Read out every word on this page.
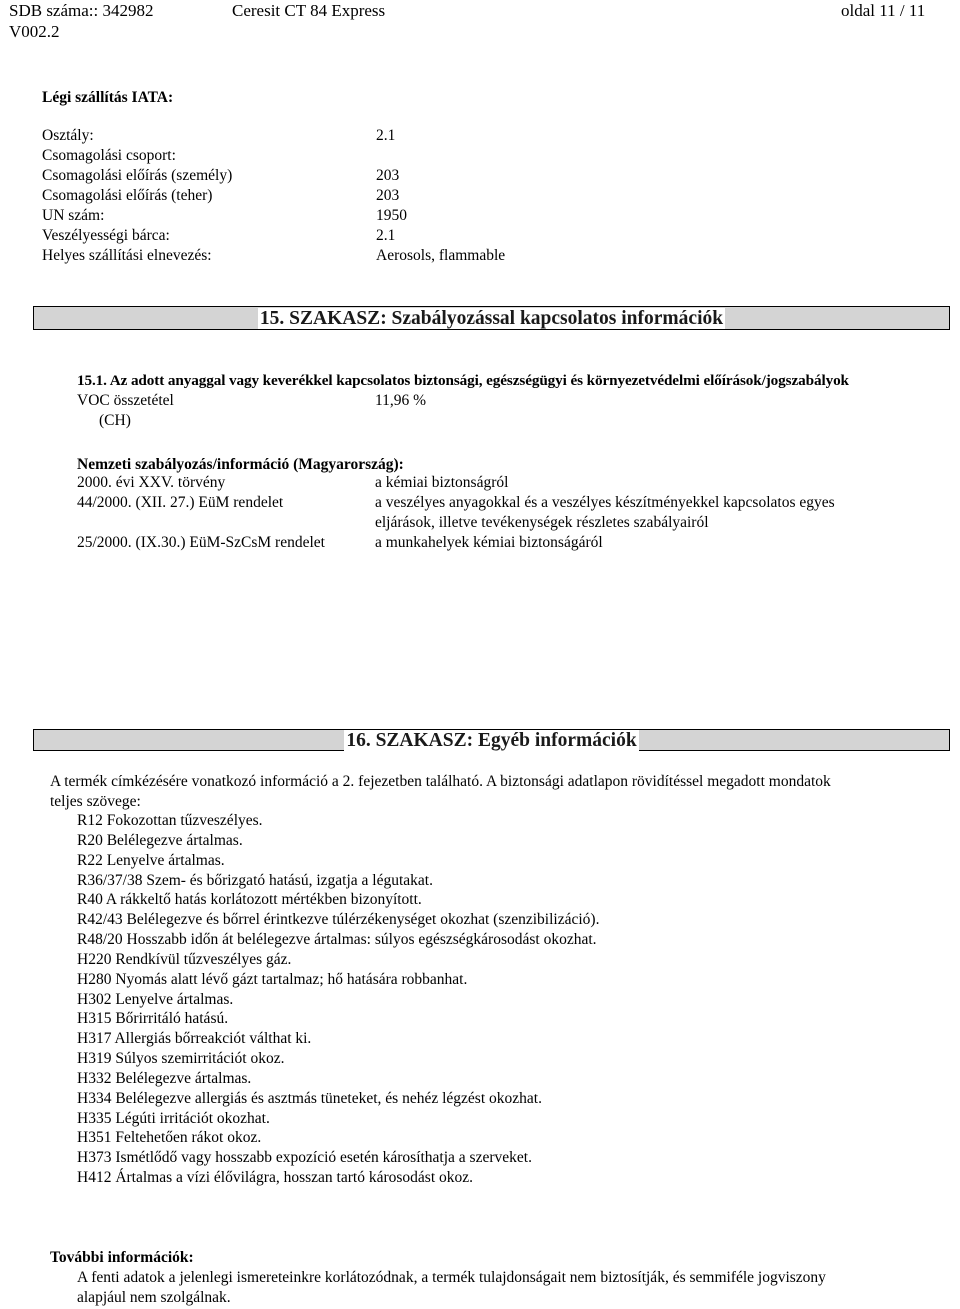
SDB száma:: 342982
V002.2
Ceresit CT 84 Express	oldal 11 / 11
Légi szállítás IATA:
Osztály:	2.1
Csomagolási csoport:
Csomagolási előírás (személy)	203
Csomagolási előírás (teher)	203
UN szám:	1950
Veszélyességi bárca:	2.1
Helyes szállítási elnevezés:	Aerosols, flammable
15. SZAKASZ: Szabályozással kapcsolatos információk
15.1. Az adott anyaggal vagy keverékkel kapcsolatos biztonsági, egészségügyi és környezetvédelmi előírások/jogszabályok
VOC összetétel	11,96 %
(CH)
Nemzeti szabályozás/információ (Magyarország):
2000. évi XXV. törvény	a kémiai biztonságról
44/2000. (XII. 27.) EüM rendelet	a veszélyes anyagokkal és a veszélyes készítményekkel kapcsolatos egyes
eljárások, illetve tevékenységek részletes szabályairól
25/2000. (IX.30.) EüM-SzCsM rendelet	a munkahelyek kémiai biztonságáról
16. SZAKASZ: Egyéb információk
A termék címkézésére vonatkozó információ a 2. fejezetben található. A biztonsági adatlapon rövidítéssel megadott mondatok
teljes szövege:
R12 Fokozottan tűzveszélyes.
R20 Belélegezve ártalmas.
R22 Lenyelve ártalmas.
R36/37/38 Szem- és bőrizgató hatású, izgatja a légutakat.
R40 A rákkeltő hatás korlátozott mértékben bizonyított.
R42/43 Belélegezve és bőrrel érintkezve túlérzékenységet okozhat (szenzibilizáció).
R48/20 Hosszabb időn át belélegezve ártalmas: súlyos egészségkárosodást okozhat.
H220 Rendkívül tűzveszélyes gáz.
H280 Nyomás alatt lévő gázt tartalmaz; hő hatására robbanhat.
H302 Lenyelve ártalmas.
H315 Bőrirritáló hatású.
H317 Allergiás bőrreakciót válthat ki.
H319 Súlyos szemirritációt okoz.
H332 Belélegezve ártalmas.
H334 Belélegezve allergiás és asztmás tüneteket, és nehéz légzést okozhat.
H335 Légúti irritációt okozhat.
H351 Feltehetően rákot okoz.
H373 Ismétlődő vagy hosszabb expozíció esetén károsíthatja a szerveket.
H412 Ártalmas a vízi élővilágra, hosszan tartó károsodást okoz.
További információk:
A fenti adatok a jelenlegi ismereteinkre korlátozódnak, a termék tulajdonságait nem biztosítják, és semmiféle jogviszony
alapjául nem szolgálnak.
